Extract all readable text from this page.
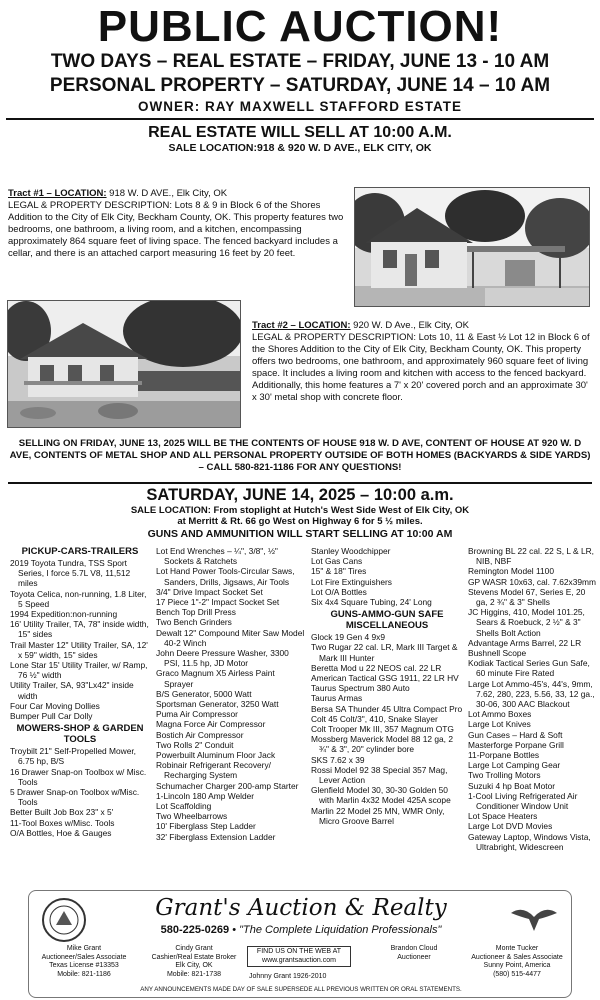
PUBLIC AUCTION!
TWO DAYS – REAL ESTATE – FRIDAY, JUNE 13 - 10 AM
PERSONAL PROPERTY – SATURDAY, JUNE 14 – 10 AM
OWNER: RAY MAXWELL STAFFORD ESTATE
REAL ESTATE WILL SELL AT 10:00 A.M.
SALE LOCATION:918 & 920 W. D AVE., ELK CITY, OK
Tract #1 – LOCATION: 918 W. D AVE., Elk City, OK
LEGAL & PROPERTY DESCRIPTION: Lots 8 & 9 in Block 6 of the Shores Addition to the City of Elk City, Beckham County, OK. This property features two bedrooms, one bathroom, a living room, and a kitchen, encompassing approximately 864 square feet of living space. The fenced backyard includes a cellar, and there is an attached carport measuring 16 feet by 20 feet.
Tract #2 – LOCATION: 920 W. D Ave., Elk City, OK
LEGAL & PROPERTY DESCRIPTION: Lots 10, 11 & East ½ Lot 12 in Block 6 of the Shores Addition to the City of Elk City, Beckham County, OK. This property offers two bedrooms, one bathroom, and approximately 960 square feet of living space. It includes a living room and kitchen with access to the fenced backyard. Additionally, this home features a 7' x 20' covered porch and an approximate 30' x 30' metal shop with concrete floor.
SELLING ON FRIDAY, JUNE 13, 2025 WILL BE THE CONTENTS OF HOUSE 918 W. D AVE, CONTENT OF HOUSE AT 920 W. D AVE, CONTENTS OF METAL SHOP AND ALL PERSONAL PROPERTY OUTSIDE OF BOTH HOMES (BACKYARDS & SIDE YARDS) – CALL 580-821-1186 FOR ANY QUESTIONS!
SATURDAY, JUNE 14, 2025 – 10:00 a.m.
SALE LOCATION: From stoplight at Hutch's West Side West of Elk City, OK
at Merritt & Rt. 66 go West on Highway 6 for 5 ½ miles.
GUNS AND AMMUNITION WILL START SELLING AT 10:00 AM
PICKUP-CARS-TRAILERS
2019 Toyota Tundra, TSS Sport Series, I force 5.7L V8, 11,512 miles
Toyota Celica, non-running, 1.8 Liter, 5 Speed
1994 Expedition:non-running
16' Utility Trailer, TA, 78" inside width, 15" sides
Trail Master 12" Utility Trailer, SA, 12' x 59" width, 15" sides
Lone Star 15' Utility Trailer, w/ Ramp, 76 ½" width
Utility Trailer, SA, 93"Lx42" inside width
Four Car Moving Dollies
Bumper Pull Car Dolly
MOWERS-SHOP & GARDEN TOOLS
Troybilt 21" Self-Propelled Mower, 6.75 hp, B/S
16 Drawer Snap-on Toolbox w/ Misc. Tools
5 Drawer Snap-on Toolbox w/Misc. Tools
Better Built Job Box 23" x 5'
11-Tool Boxes w/Misc. Tools
O/A Bottles, Hoe & Gauges
Lot End Wrenches – ¼", 3/8", ½" Sockets & Ratchets
Lot Hand Power Tools-Circular Saws, Sanders, Drills, Jigsaws, Air Tools
3/4" Drive Impact Socket Set
17 Piece 1"-2" Impact Socket Set
Bench Top Drill Press
Two Bench Grinders
Dewalt 12" Compound Miter Saw Model 40-2 Winch
John Deere Pressure Washer, 3300 PSI, 11.5 hp, JD Motor
Graco Magnum X5 Airless Paint Sprayer
B/S Generator, 5000 Watt
Sportsman Generator, 3250 Watt
Puma Air Compressor
Magna Force Air Compressor
Bostich Air Compressor
Two Rolls 2" Conduit
Powerbuilt Aluminum Floor Jack
Robinair Refrigerant Recovery/ Recharging System
Schumacher Charger 200-amp Starter
1-Lincoln 180 Amp Welder
Lot Scaffolding
Two Wheelbarrows
10' Fiberglass Step Ladder
32' Fiberglass Extension Ladder
Stanley Woodchipper
Lot Gas Cans
15" & 18" Tires
Lot Fire Extinguishers
Lot O/A Bottles
Six 4x4 Square Tubing, 24' Long
GUNS-AMMO-GUN SAFE MISCELLANEOUS
Glock 19 Gen 4 9x9
Two Rugar 22 cal. LR, Mark III Target & Mark III Hunter
Beretta Mod u 22 NEOS cal. 22 LR
American Tactical GSG 1911, 22 LR HV
Taurus Spectrum 380 Auto
Taurus Armas
Bersa SA Thunder 45 Ultra Compact Pro
Colt 45 Colt/3", 410, Snake Slayer
Colt Trooper Mk III, 357 Magnum OTG
Mossberg Maverick Model 88 12 ga, 2 ¾" & 3", 20" cylinder bore
SKS 7.62 x 39
Rossi Model 92 38 Special 357 Mag, Lever Action
Glenfield Model 30, 30-30 Golden 50 with Marlin 4x32 Model 425A scope
Marlin 22 Model 25 MN, WMR Only, Micro Groove Barrel
Browning BL 22 cal. 22 S, L & LR, NIB, NBF
Remington Model 1100
GP WASR 10x63, cal. 7.62x39mm
Stevens Model 67, Series E, 20 ga, 2 ¾" & 3" Shells
JC Higgins, 410, Model 101.25, Sears & Roebuck, 2 ½" & 3" Shells Bolt Action
Advantage Arms Barrel, 22 LR
Bushnell Scope
Kodiak Tactical Series Gun Safe, 60 minute Fire Rated
Large Lot Ammo-45's, 44's, 9mm, 7.62, 280, 223, 5.56, 33, 12 ga., 30-06, 300 AAC Blackout
Lot Ammo Boxes
Large Lot Knives
Gun Cases – Hard & Soft
Masterforge Porpane Grill
11-Porpane Bottles
Large Lot Camping Gear
Two Trolling Motors
Suzuki 4 hp Boat Motor
1-Cool Living Refrigerated Air Conditioner Window Unit
Lot Space Heaters
Large Lot DVD Movies
Gateway Laptop, Windows Vista, Ultrabright, Widescreen
Grant's Auction & Realty
580-225-0269 • "The Complete Liquidation Professionals"
Mike Grant
Auctioneer/Sales Associate
Texas License #13353
Mobile: 821-1186
Cindy Grant
Cashier/Real Estate Broker
Elk City, OK
Mobile: 821-1738
FIND US ON THE WEB AT
www.grantsauction.com
Johnny Grant 1926-2010
Brandon Cloud
Auctioneer
Monte Tucker
Auctioneer & Sales Associate
Sunny Point, America
(580) 515-4477
ANY ANNOUNCEMENTS MADE DAY OF SALE SUPERSEDE ALL PREVIOUS WRITTEN OR ORAL STATEMENTS.
